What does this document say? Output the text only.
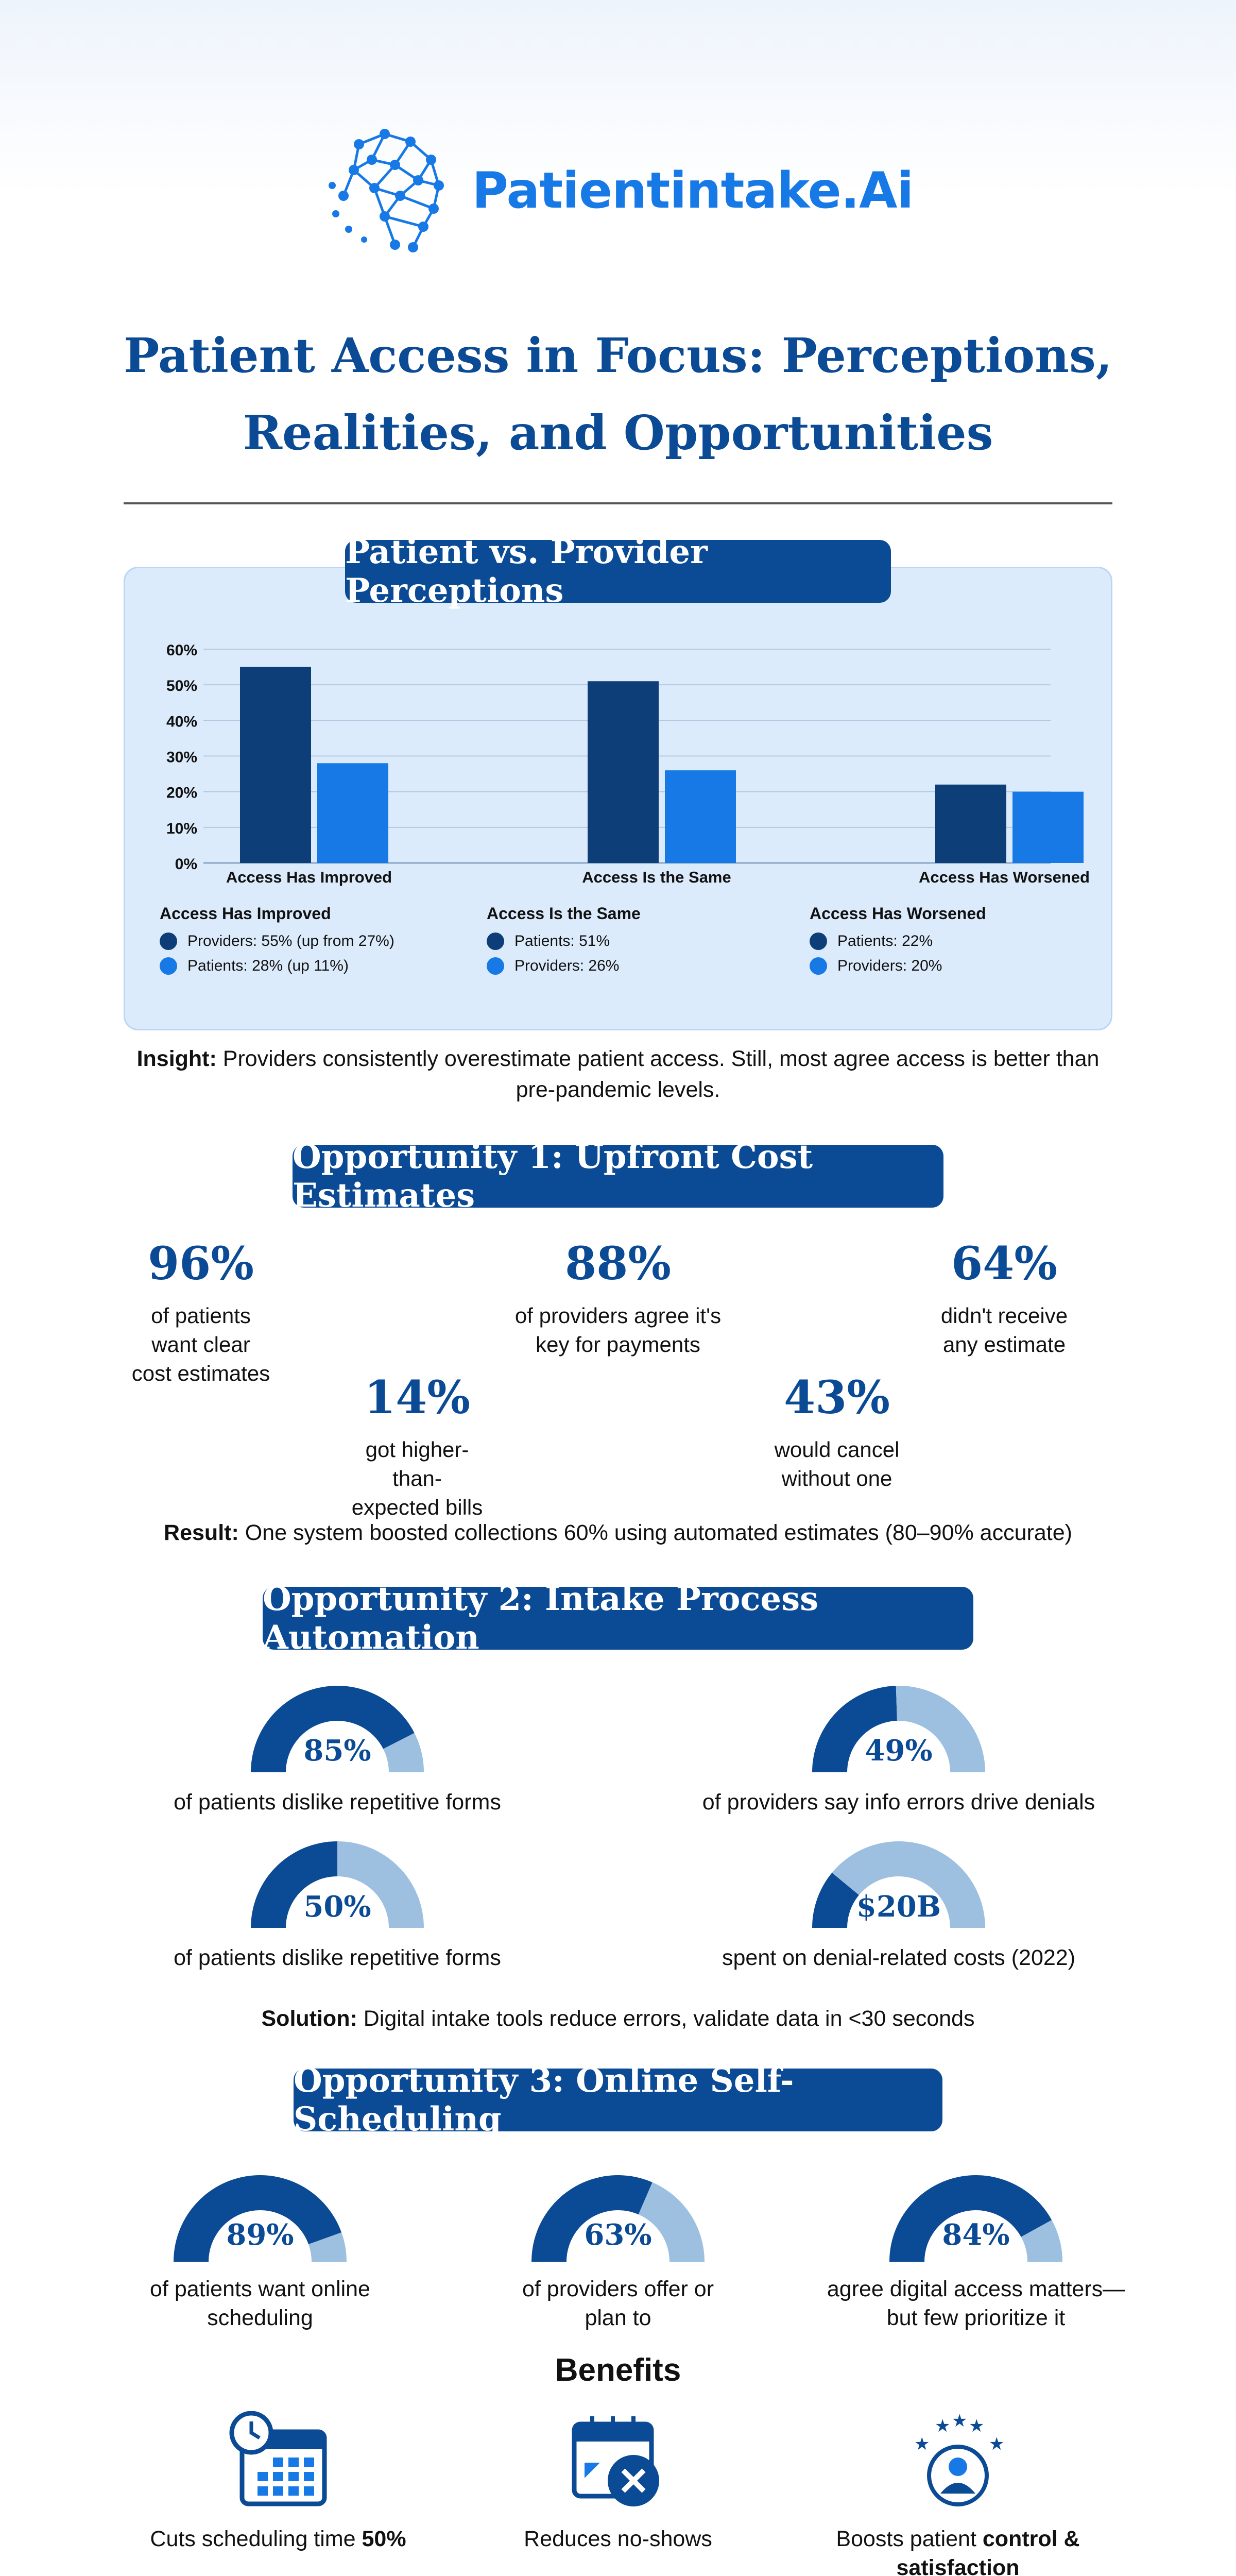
Patientintake.Ai
Patient Access in Focus: Perceptions,
Realities, and Opportunities
Patient vs. Provider Perceptions
0%
10%
20%
30%
40%
50%
60%
Access Has Improved	Access Is the Same	Access Has Worsened
Access Has Improved
Providers: 55% (up from 27%)
Patients: 28% (up 11%)
Access Is the Same
Patients: 51%
Providers: 26%
Access Has Worsened
Patients: 22%
Providers: 20%
Insight: Providers consistently overestimate patient access. Still, most agree access is better than pre-pandemic levels.
Opportunity 1: Upfront Cost Estimates
96%
of patients want clear cost estimates
88%
of providers agree it's key for payments
64%
didn't receive any estimate
14%
got higher-than-expected bills
43%
would cancel without one
Result: One system boosted collections 60% using automated estimates (80–90% accurate)
Opportunity 2: Intake Process Automation
85%
of patients dislike repetitive forms
49%
of providers say info errors drive denials
50%
of patients dislike repetitive forms
$20B
spent on denial-related costs (2022)
Solution: Digital intake tools reduce errors, validate data in <30 seconds
Opportunity 3: Online Self-Scheduling
89%
of patients want online scheduling
63%
of providers offer or plan to
84%
agree digital access matters—but few prioritize it
Benefits
Cuts scheduling time 50%	Reduces no-shows
★
★ ★ ★
★
Boosts patient control & satisfaction
